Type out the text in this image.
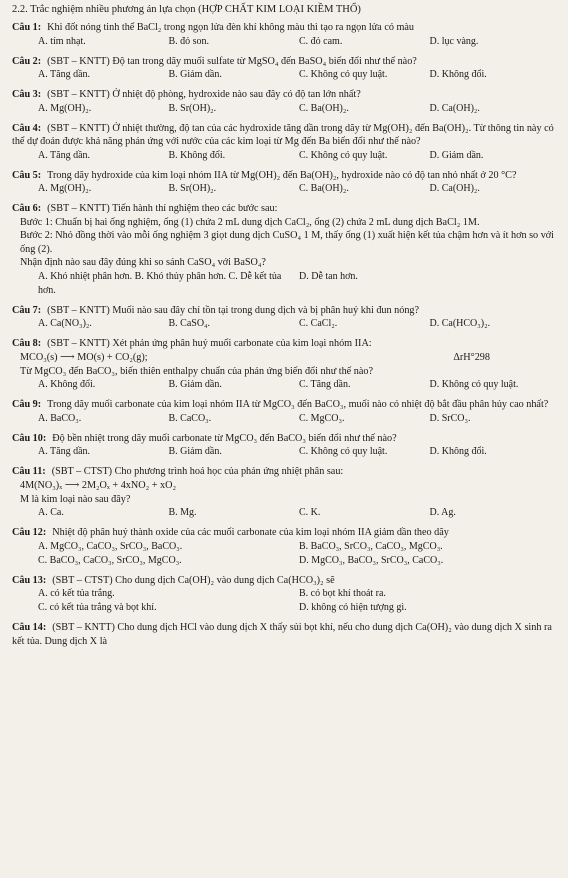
2.2. Trắc nghiệm nhiều phương án lựa chọn (HỢP CHẤT KIM LOẠI KIỀM THỔ)
Câu 1: Khi đốt nóng tinh thể BaCl₂ trong ngọn lửa đèn khí không màu thì tạo ra ngọn lửa có màu
A. tím nhạt.	B. đỏ son.	C. đỏ cam.	D. lục vàng.
Câu 2: (SBT – KNTT) Độ tan trong dãy muối sulfate từ MgSO₄ đến BaSO₄ biến đổi như thế nào?
A. Tăng dần.	B. Giảm dần.	C. Không có quy luật.	D. Không đổi.
Câu 3: (SBT – KNTT) Ở nhiệt độ phòng, hydroxide nào sau đây có độ tan lớn nhất?
A. Mg(OH)₂.	B. Sr(OH)₂.	C. Ba(OH)₂.	D. Ca(OH)₂.
Câu 4: (SBT – KNTT) Ở nhiệt thường, độ tan của các hydroxide tăng dần trong dãy từ Mg(OH)₂ đến Ba(OH)₂. Từ thông tin này có thể dự đoán được khả năng phản ứng với nước của các kim loại từ Mg đến Ba biến đổi như thế nào?
A. Tăng dần.	B. Không đổi.	C. Không có quy luật.	D. Giảm dần.
Câu 5: Trong dãy hydroxide của kim loại nhóm IIA từ Mg(OH)₂ đến Ba(OH)₂, hydroxide nào có độ tan nhỏ nhất ở 20 °C?
A. Mg(OH)₂.	B. Sr(OH)₂.	C. Ba(OH)₂.	D. Ca(OH)₂.
Câu 6: (SBT – KNTT) Tiến hành thí nghiệm theo các bước sau:
Bước 1: Chuẩn bị hai ống nghiệm, ống (1) chứa 2 mL dung dịch CaCl₂, ống (2) chứa 2 mL dung dịch BaCl₂ 1M.
Bước 2: Nhỏ đồng thời vào mỗi ống nghiệm 3 giọt dung dịch CuSO₄ 1 M, thấy ống (1) xuất hiện kết tủa chậm hơn và ít hơn so với ống (2).
Nhận định nào sau đây đúng khi so sánh CaSO₄ với BaSO₄?
A. Khó nhiệt phân hơn. B. Khó thủy phân hơn. C. Dễ kết tủa hơn.
D. Dễ tan hơn.
Câu 7: (SBT – KNTT) Muối nào sau đây chỉ tồn tại trong dung dịch và bị phân huỷ khi đun nóng?
A. Ca(NO₃)₂.	B. CaSO₄.	C. CaCl₂.	D. Ca(HCO₃)₂.
Câu 8: (SBT – KNTT) Xét phản ứng phân huỷ muối carbonate của kim loại nhóm IIA:
MCO₃(s) ⟶ MO(s) + CO₂(g);	ΔrH°298
Từ MgCO₃ đến BaCO₃, biến thiên enthalpy chuẩn của phản ứng biến đổi như thế nào?
A. Không đổi.	B. Giảm dần.	C. Tăng dần.	D. Không có quy luật.
Câu 9: Trong dãy muối carbonate của kim loại nhóm IIA từ MgCO₃ đến BaCO₃, muối nào có nhiệt độ bắt đầu phân hủy cao nhất?
A. BaCO₃.	B. CaCO₃.	C. MgCO₃.	D. SrCO₃.
Câu 10: Độ bền nhiệt trong dãy muối carbonate từ MgCO₃ đến BaCO₃ biến đổi như thế nào?
A. Tăng dần.	B. Giảm dần.	C. Không có quy luật.	D. Không đổi.
Câu 11: (SBT – CTST) Cho phương trình hoá học của phản ứng nhiệt phân sau:
4M(NO₃)ₓ ⟶ 2M₂Oₓ + 4xNO₂ + xO₂
M là kim loại nào sau đây?
A. Ca.	B. Mg.	C. K.	D. Ag.
Câu 12: Nhiệt độ phân huỷ thành oxide của các muối carbonate của kim loại nhóm IIA giảm dần theo dãy
A. MgCO₃, CaCO₃, SrCO₃, BaCO₃.	B. BaCO₃, SrCO₃, CaCO₃, MgCO₃.
C. BaCO₃, CaCO₃, SrCO₃, MgCO₃.	D. MgCO₃, BaCO₃, SrCO₃, CaCO₃.
Câu 13: (SBT – CTST) Cho dung dịch Ca(OH)₂ vào dung dịch Ca(HCO₃)₂ sẽ
A. có kết tủa trắng.	B. có bọt khí thoát ra.
C. có kết tủa trắng và bọt khí.	D. không có hiện tượng gì.
Câu 14: (SBT – KNTT) Cho dung dịch HCl vào dung dịch X thấy sủi bọt khí, nếu cho dung dịch Ca(OH)₂ vào dung dịch X sinh ra kết tủa. Dung dịch X là
